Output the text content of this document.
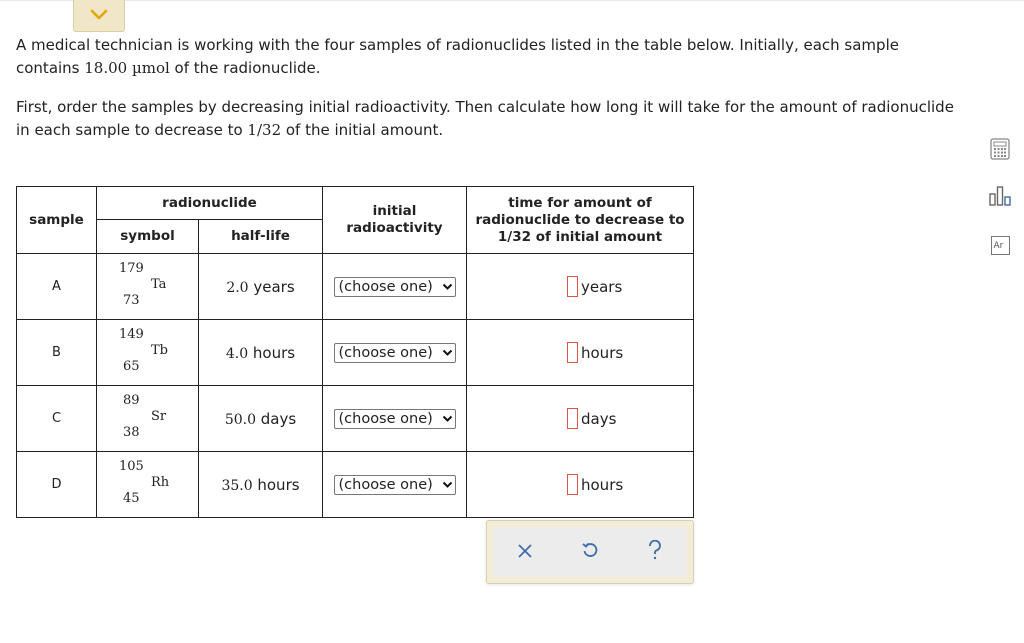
A medical technician is working with the four samples of radionuclides listed in the table below. Initially, each sample
contains 18.00 µmol of the radionuclide.
First, order the samples by decreasing initial radioactivity. Then calculate how long it will take for the amount of radionuclide
in each sample to decrease to 1/32 of the initial amount.
Ar
sample	radionuclide		initial radioactivity	time for amount of
radionuclide to decrease to
1/32 of initial amount

	symbol	half-life		
A	179
Ta
73	2.0 years	(choose one)	years

B	149
Tb
65	4.0 hours	(choose one)	hours

C	89
Sr
38	50.0 days	(choose one)	days

D	105
Rh
45	35.0 hours	(choose one)	hours
